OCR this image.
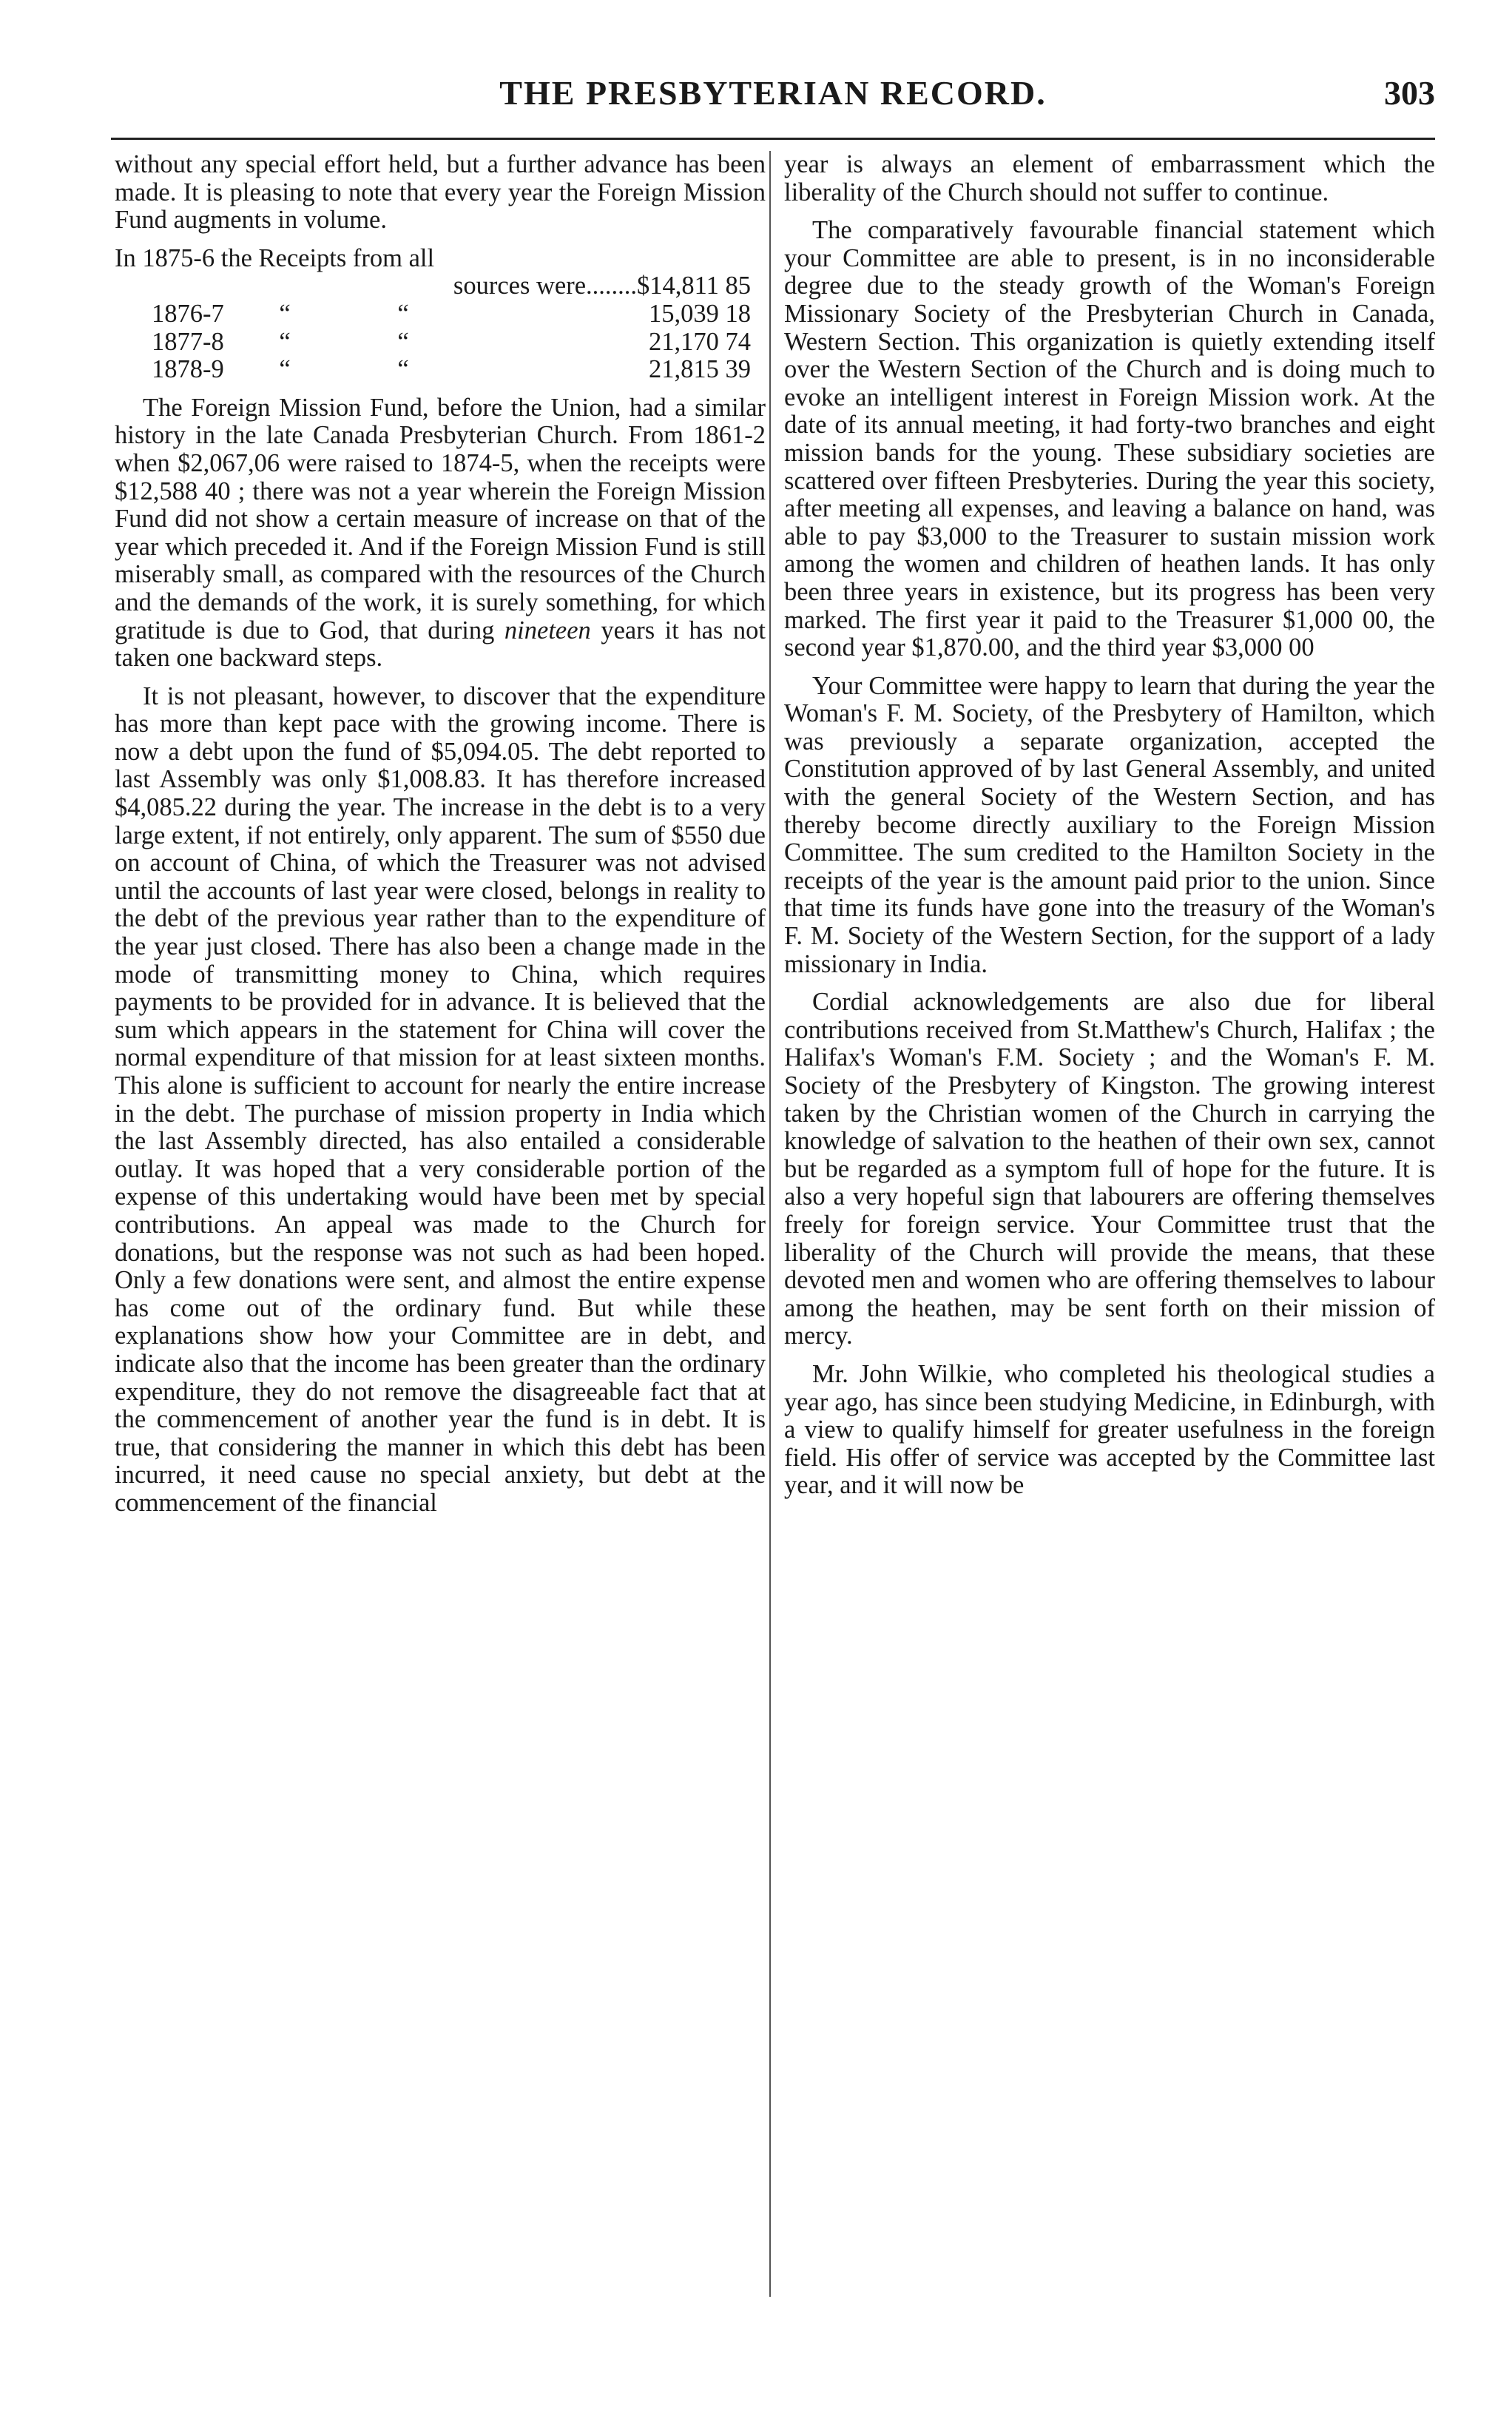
THE PRESBYTERIAN RECORD.	303

without any special effort held, but a further advance has been made. It is pleasing to note that every year the Foreign Mission Fund augments in volume.

In 1875-6 the Receipts from all
sources were........$14,811 85
1876-7	“	“	15,039 18
1877-8	“	“	21,170 74
1878-9	“	“	21,815 39

The Foreign Mission Fund, before the Union, had a similar history in the late Canada Presbyterian Church. From 1861-2 when $2,067,06 were raised to 1874-5, when the receipts were $12,588 40 ; there was not a year wherein the Foreign Mission Fund did not show a certain measure of increase on that of the year which preceded it. And if the Foreign Mission Fund is still miserably small, as compared with the resources of the Church and the demands of the work, it is surely something, for which gratitude is due to God, that during nineteen years it has not taken one backward steps.

It is not pleasant, however, to discover that the expenditure has more than kept pace with the growing income. There is now a debt upon the fund of $5,094.05. The debt reported to last Assembly was only $1,008.83. It has therefore increased $4,085.22 during the year. The increase in the debt is to a very large extent, if not entirely, only apparent. The sum of $550 due on account of China, of which the Treasurer was not advised until the accounts of last year were closed, belongs in reality to the debt of the previous year rather than to the expenditure of the year just closed. There has also been a change made in the mode of transmitting money to China, which requires payments to be provided for in advance. It is believed that the sum which appears in the statement for China will cover the normal expenditure of that mission for at least sixteen months. This alone is sufficient to account for nearly the entire increase in the debt. The purchase of mission property in India which the last Assembly directed, has also entailed a considerable outlay. It was hoped that a very considerable portion of the expense of this undertaking would have been met by special contributions. An appeal was made to the Church for donations, but the response was not such as had been hoped. Only a few donations were sent, and almost the entire expense has come out of the ordinary fund. But while these explanations show how your Committee are in debt, and indicate also that the income has been greater than the ordinary expenditure, they do not remove the disagreeable fact that at the commencement of another year the fund is in debt. It is true, that considering the manner in which this debt has been incurred, it need cause no special anxiety, but debt at the commencement of the financial

year is always an element of embarrassment which the liberality of the Church should not suffer to continue.

The comparatively favourable financial statement which your Committee are able to present, is in no inconsiderable degree due to the steady growth of the Woman's Foreign Missionary Society of the Presbyterian Church in Canada, Western Section. This organization is quietly extending itself over the Western Section of the Church and is doing much to evoke an intelligent interest in Foreign Mission work. At the date of its annual meeting, it had forty-two branches and eight mission bands for the young. These subsidiary societies are scattered over fifteen Presbyteries. During the year this society, after meeting all expenses, and leaving a balance on hand, was able to pay $3,000 to the Treasurer to sustain mission work among the women and children of heathen lands. It has only been three years in existence, but its progress has been very marked. The first year it paid to the Treasurer $1,000 00, the second year $1,870.00, and the third year $3,000 00

Your Committee were happy to learn that during the year the Woman's F. M. Society, of the Presbytery of Hamilton, which was previously a separate organization, accepted the Constitution approved of by last General Assembly, and united with the general Society of the Western Section, and has thereby become directly auxiliary to the Foreign Mission Committee. The sum credited to the Hamilton Society in the receipts of the year is the amount paid prior to the union. Since that time its funds have gone into the treasury of the Woman's F. M. Society of the Western Section, for the support of a lady missionary in India.

Cordial acknowledgements are also due for liberal contributions received from St.Matthew's Church, Halifax ; the Halifax's Woman's F.M. Society ; and the Woman's F. M. Society of the Presbytery of Kingston. The growing interest taken by the Christian women of the Church in carrying the knowledge of salvation to the heathen of their own sex, cannot but be regarded as a symptom full of hope for the future. It is also a very hopeful sign that labourers are offering themselves freely for foreign service. Your Committee trust that the liberality of the Church will provide the means, that these devoted men and women who are offering themselves to labour among the heathen, may be sent forth on their mission of mercy.

Mr. John Wilkie, who completed his theological studies a year ago, has since been studying Medicine, in Edinburgh, with a view to qualify himself for greater usefulness in the foreign field. His offer of service was accepted by the Committee last year, and it will now be
